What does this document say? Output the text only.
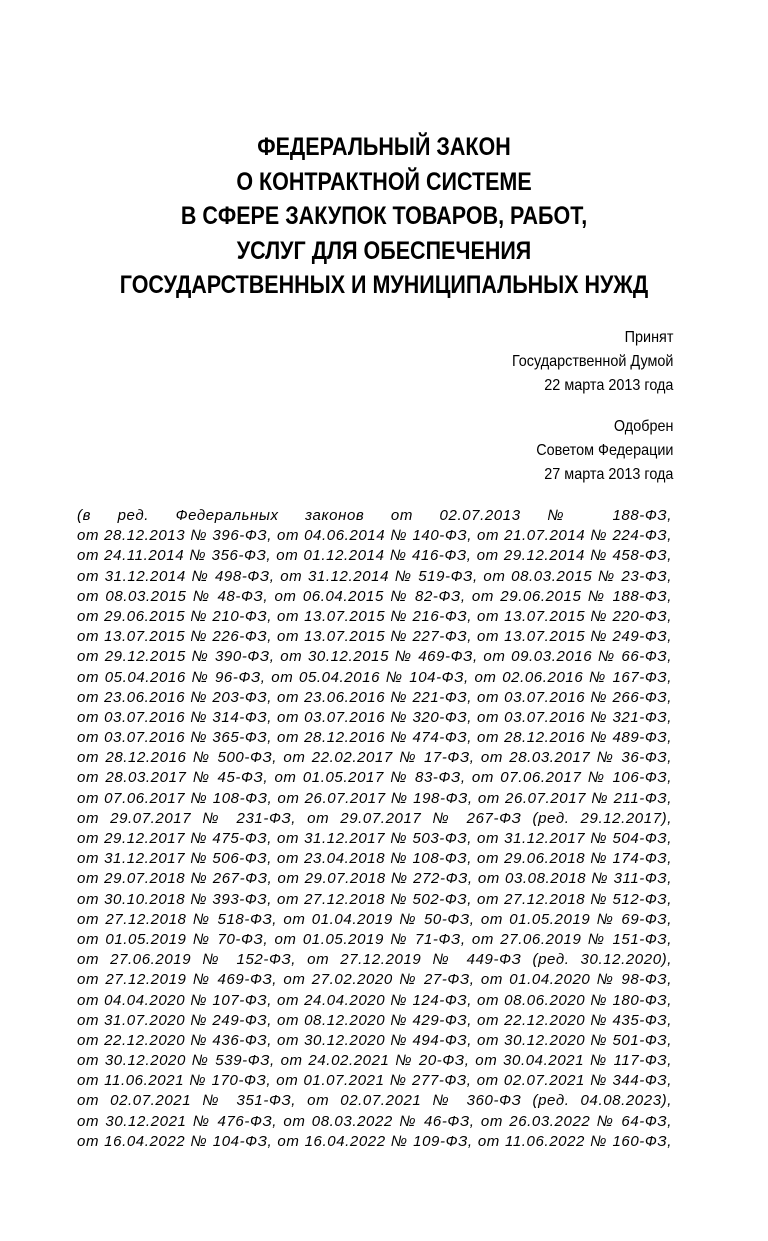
ФЕДЕРАЛЬНЫЙ ЗАКОН
О КОНТРАКТНОЙ СИСТЕМЕ
В СФЕРЕ ЗАКУПОК ТОВАРОВ, РАБОТ,
УСЛУГ ДЛЯ ОБЕСПЕЧЕНИЯ
ГОСУДАРСТВЕННЫХ И МУНИЦИПАЛЬНЫХ НУЖД
Принят
Государственной Думой
22 марта 2013 года
Одобрен
Советом Федерации
27 марта 2013 года
(в ред. Федеральных законов от 02.07.2013 № 188-ФЗ,
от 28.12.2013 № 396-ФЗ, от 04.06.2014 № 140-ФЗ, от 21.07.2014 № 224-ФЗ,
от 24.11.2014 № 356-ФЗ, от 01.12.2014 № 416-ФЗ, от 29.12.2014 № 458-ФЗ,
от 31.12.2014 № 498-ФЗ, от 31.12.2014 № 519-ФЗ, от 08.03.2015 № 23-ФЗ,
от 08.03.2015 № 48-ФЗ, от 06.04.2015 № 82-ФЗ, от 29.06.2015 № 188-ФЗ,
от 29.06.2015 № 210-ФЗ, от 13.07.2015 № 216-ФЗ, от 13.07.2015 № 220-ФЗ,
от 13.07.2015 № 226-ФЗ, от 13.07.2015 № 227-ФЗ, от 13.07.2015 № 249-ФЗ,
от 29.12.2015 № 390-ФЗ, от 30.12.2015 № 469-ФЗ, от 09.03.2016 № 66-ФЗ,
от 05.04.2016 № 96-ФЗ, от 05.04.2016 № 104-ФЗ, от 02.06.2016 № 167-ФЗ,
от 23.06.2016 № 203-ФЗ, от 23.06.2016 № 221-ФЗ, от 03.07.2016 № 266-ФЗ,
от 03.07.2016 № 314-ФЗ, от 03.07.2016 № 320-ФЗ, от 03.07.2016 № 321-ФЗ,
от 03.07.2016 № 365-ФЗ, от 28.12.2016 № 474-ФЗ, от 28.12.2016 № 489-ФЗ,
от 28.12.2016 № 500-ФЗ, от 22.02.2017 № 17-ФЗ, от 28.03.2017 № 36-ФЗ,
от 28.03.2017 № 45-ФЗ, от 01.05.2017 № 83-ФЗ, от 07.06.2017 № 106-ФЗ,
от 07.06.2017 № 108-ФЗ, от 26.07.2017 № 198-ФЗ, от 26.07.2017 № 211-ФЗ,
от 29.07.2017 № 231-ФЗ, от 29.07.2017 № 267-ФЗ (ред. 29.12.2017),
от 29.12.2017 № 475-ФЗ, от 31.12.2017 № 503-ФЗ, от 31.12.2017 № 504-ФЗ,
от 31.12.2017 № 506-ФЗ, от 23.04.2018 № 108-ФЗ, от 29.06.2018 № 174-ФЗ,
от 29.07.2018 № 267-ФЗ, от 29.07.2018 № 272-ФЗ, от 03.08.2018 № 311-ФЗ,
от 30.10.2018 № 393-ФЗ, от 27.12.2018 № 502-ФЗ, от 27.12.2018 № 512-ФЗ,
от 27.12.2018 № 518-ФЗ, от 01.04.2019 № 50-ФЗ, от 01.05.2019 № 69-ФЗ,
от 01.05.2019 № 70-ФЗ, от 01.05.2019 № 71-ФЗ, от 27.06.2019 № 151-ФЗ,
от 27.06.2019 № 152-ФЗ, от 27.12.2019 № 449-ФЗ (ред. 30.12.2020),
от 27.12.2019 № 469-ФЗ, от 27.02.2020 № 27-ФЗ, от 01.04.2020 № 98-ФЗ,
от 04.04.2020 № 107-ФЗ, от 24.04.2020 № 124-ФЗ, от 08.06.2020 № 180-ФЗ,
от 31.07.2020 № 249-ФЗ, от 08.12.2020 № 429-ФЗ, от 22.12.2020 № 435-ФЗ,
от 22.12.2020 № 436-ФЗ, от 30.12.2020 № 494-ФЗ, от 30.12.2020 № 501-ФЗ,
от 30.12.2020 № 539-ФЗ, от 24.02.2021 № 20-ФЗ, от 30.04.2021 № 117-ФЗ,
от 11.06.2021 № 170-ФЗ, от 01.07.2021 № 277-ФЗ, от 02.07.2021 № 344-ФЗ,
от 02.07.2021 № 351-ФЗ, от 02.07.2021 № 360-ФЗ (ред. 04.08.2023),
от 30.12.2021 № 476-ФЗ, от 08.03.2022 № 46-ФЗ, от 26.03.2022 № 64-ФЗ,
от 16.04.2022 № 104-ФЗ, от 16.04.2022 № 109-ФЗ, от 11.06.2022 № 160-ФЗ,
